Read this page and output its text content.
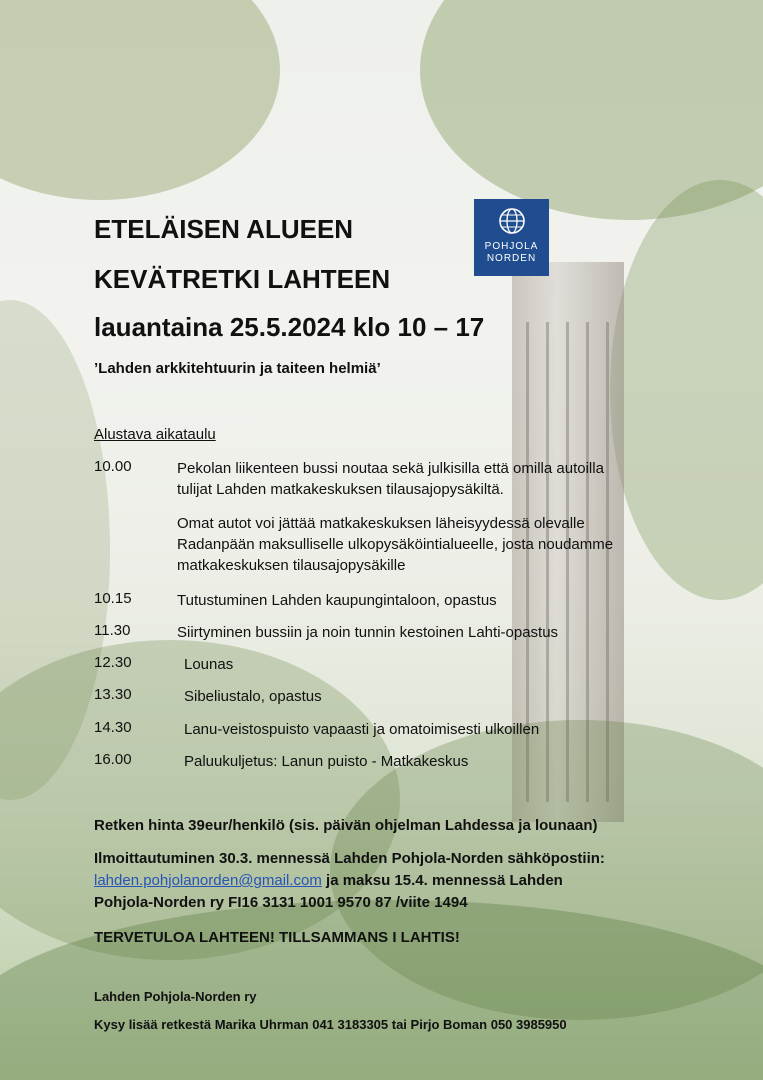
POHJOLA
NORDEN
ETELÄISEN ALUEEN
KEVÄTRETKI LAHTEEN
lauantaina 25.5.2024 klo 10 – 17
’Lahden arkkitehtuurin ja taiteen helmiä’
Alustava aikataulu
10.00	Pekolan liikenteen bussi noutaa sekä julkisilla että omilla autoilla
tulijat Lahden matkakeskuksen tilausajopysäkiltä.
Omat autot voi jättää matkakeskuksen läheisyydessä olevalle
Radanpään maksulliselle ulkopysäköintialueelle, josta noudamme
matkakeskuksen tilausajopysäkille
10.15	Tutustuminen Lahden kaupungintaloon, opastus
11.30	Siirtyminen bussiin ja noin tunnin kestoinen Lahti-opastus
12.30	Lounas
13.30	Sibeliustalo, opastus
14.30	Lanu-veistospuisto vapaasti ja omatoimisesti ulkoillen
16.00	Paluukuljetus: Lanun puisto - Matkakeskus
Retken hinta 39eur/henkilö (sis. päivän ohjelman Lahdessa ja lounaan)
Ilmoittautuminen 30.3. mennessä Lahden Pohjola-Norden sähköpostiin:
lahden.pohjolanorden@gmail.com ja maksu 15.4. mennessä Lahden
Pohjola-Norden ry FI16 3131 1001 9570 87 /viite 1494
TERVETULOA LAHTEEN! TILLSAMMANS I LAHTIS!
Lahden Pohjola-Norden ry
Kysy lisää retkestä Marika Uhrman 041 3183305 tai Pirjo Boman 050 3985950
